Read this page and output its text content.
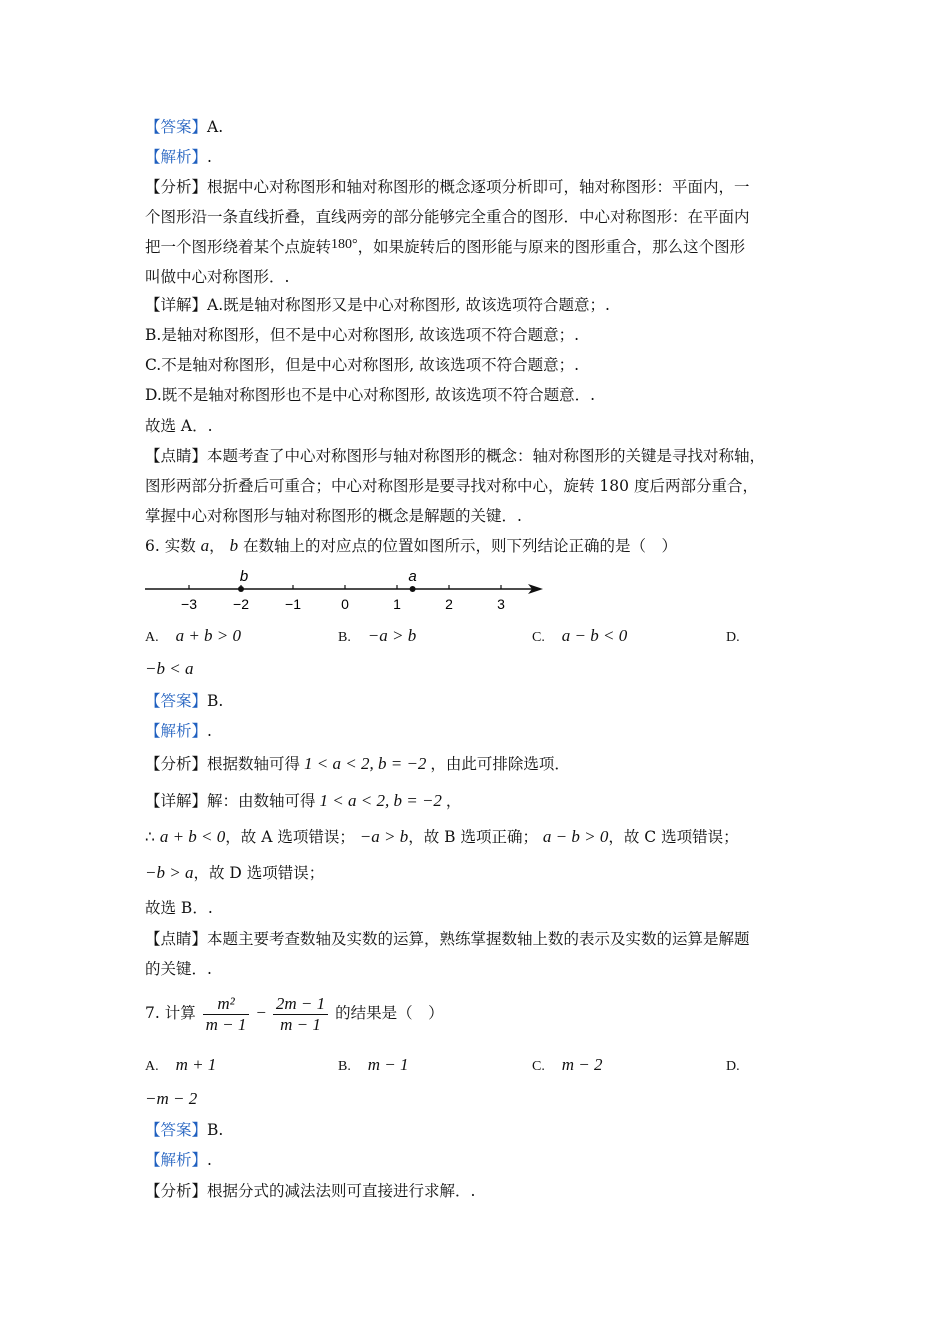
【答案】A.
【解析】.
【分析】根据中心对称图形和轴对称图形的概念逐项分析即可，轴对称图形：平面内，一
个图形沿一条直线折叠，直线两旁的部分能够完全重合的图形．中心对称图形：在平面内
把一个图形绕着某个点旋转180°，如果旋转后的图形能与原来的图形重合，那么这个图形
叫做中心对称图形．.
【详解】A.既是轴对称图形又是中心对称图形, 故该选项符合题意；.
B.是轴对称图形，但不是中心对称图形, 故该选项不符合题意；.
C.不是轴对称图形，但是中心对称图形, 故该选项不符合题意；.
D.既不是轴对称图形也不是中心对称图形, 故该选项不符合题意．.
故选 A．.
【点睛】本题考查了中心对称图形与轴对称图形的概念：轴对称图形的关键是寻找对称轴，
图形两部分折叠后可重合；中心对称图形是要寻找对称中心，旋转 180 度后两部分重合，
掌握中心对称图形与轴对称图形的概念是解题的关键．.
6. 实数 a， b 在数轴上的对应点的位置如图所示，则下列结论正确的是（　）
−3	−2	−1	0	1	2	3
a
b
A. a + b > 0	B. −a > b	C. a − b < 0	D.
−b < a
【答案】B.
【解析】.
【分析】根据数轴可得 1 < a < 2, b = −2 ，由此可排除选项．
【详解】解：由数轴可得 1 < a < 2, b = −2 ，
∴ a + b < 0，故 A 选项错误； −a > b，故 B 选项正确； a − b > 0，故 C 选项错误；
−b > a，故 D 选项错误；
故选 B．.
【点睛】本题主要考查数轴及实数的运算，熟练掌握数轴上数的表示及实数的运算是解题
的关键．.
7. 计算 $\frac{\text{m²}}{m - 1} - \frac{2m - 1}{m - 1}$ 的结果是（　）
A. m + 1	B. m − 1	C. m − 2	D.
−m − 2
【答案】B.
【解析】.
【分析】根据分式的减法法则可直接进行求解．.
